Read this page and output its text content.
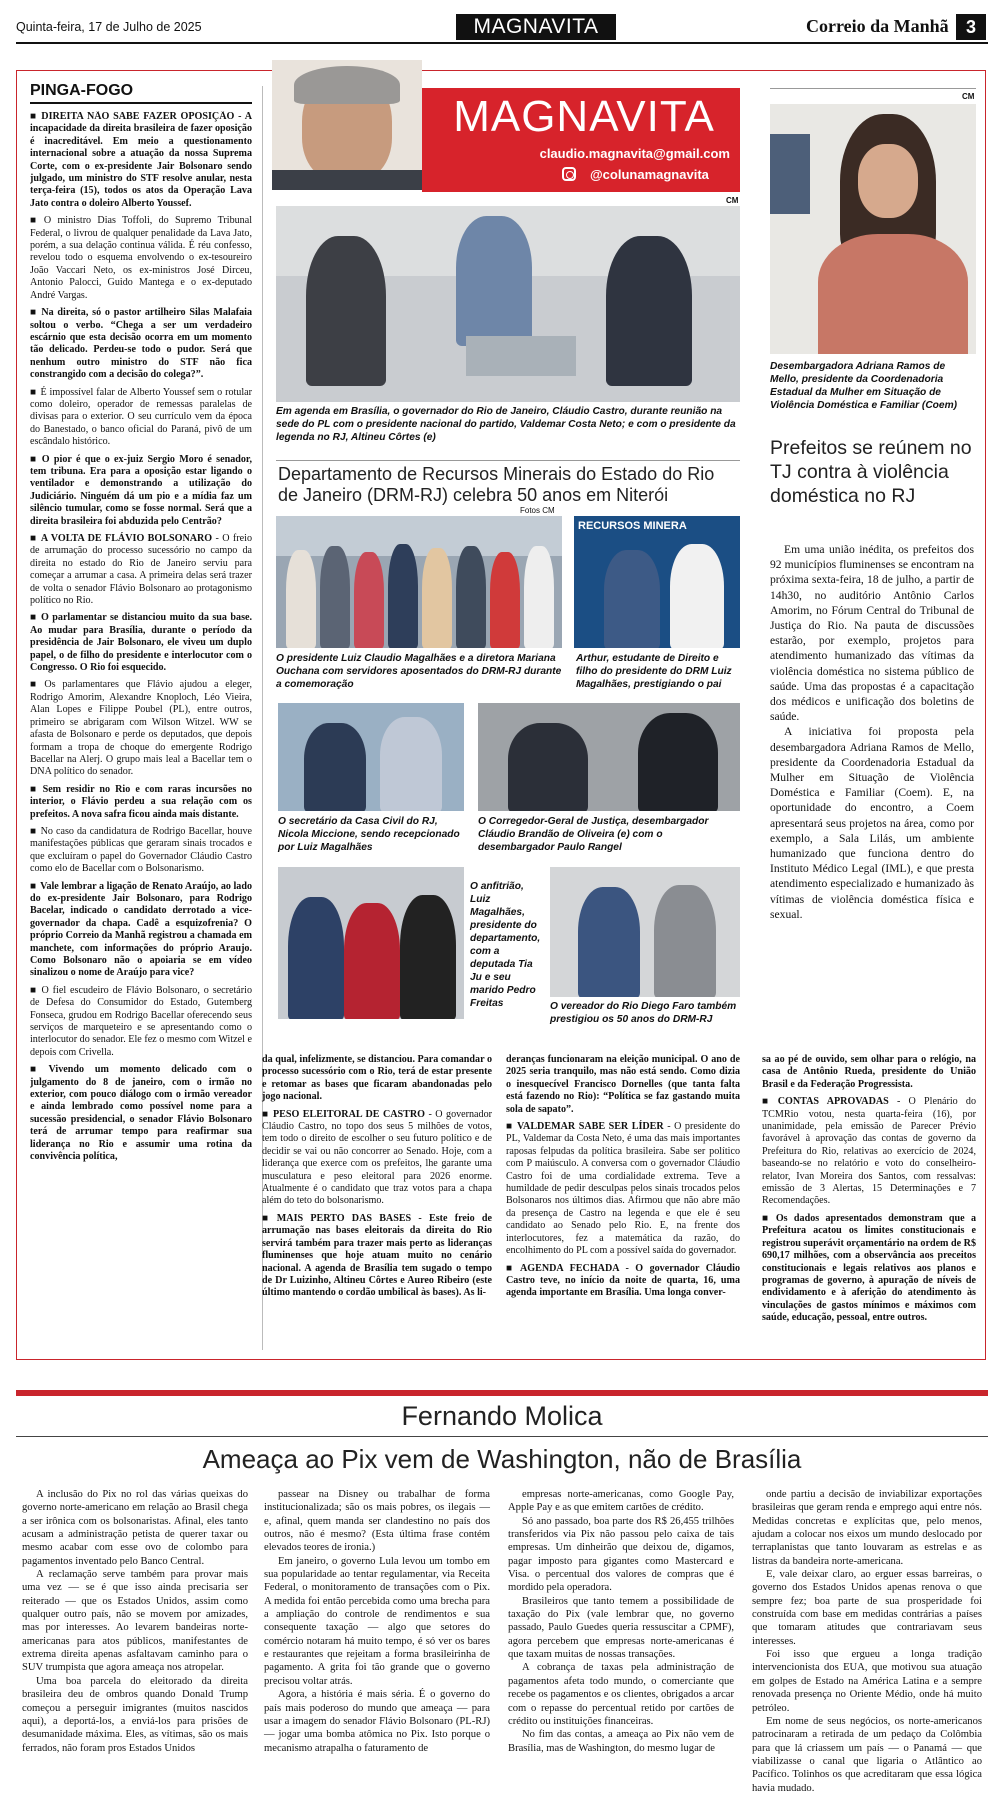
Quinta-feira, 17 de Julho de 2025	MAGNAVITA	Correio da Manhã 3
PINGA-FOGO

■ DIREITA NÃO SABE FAZER OPOSIÇÃO - A incapacidade da direita brasileira de fazer oposição é inacreditável. Em meio a questionamento internacional sobre a atuação da nossa Suprema Corte, com o ex-presidente Jair Bolsonaro sendo julgado, um ministro do STF resolve anular, nesta terça-feira (15), todos os atos da Operação Lava Jato contra o doleiro Alberto Youssef.

■ O ministro Dias Toffoli, do Supremo Tribunal Federal, o livrou de qualquer penalidade da Lava Jato, porém, a sua delação continua válida. É réu confesso, revelou todo o esquema envolvendo o ex-tesoureiro João Vaccari Neto, os ex-ministros José Dirceu, Antonio Palocci, Guido Mantega e o ex-deputado André Vargas.

■ Na direita, só o pastor artilheiro Silas Malafaia soltou o verbo. “Chega a ser um verdadeiro escárnio que esta decisão ocorra em um momento tão delicado. Perdeu-se todo o pudor. Será que nenhum outro ministro do STF não fica constrangido com a decisão do colega?”.

■ É impossível falar de Alberto Youssef sem o rotular como doleiro, operador de remessas paralelas de divisas para o exterior. O seu currículo vem da época do Banestado, o banco oficial do Paraná, pivô de um escândalo histórico.

■ O pior é que o ex-juiz Sergio Moro é senador, tem tribuna. Era para a oposição estar ligando o ventilador e demonstrando a utilização do Judiciário. Ninguém dá um pio e a mídia faz um silêncio tumular, como se fosse normal. Será que a direita brasileira foi abduzida pelo Centrão?

■ A VOLTA DE FLÁVIO BOLSONARO - O freio de arrumação do processo sucessório no campo da direita no estado do Rio de Janeiro serviu para começar a arrumar a casa. A primeira delas será trazer de volta o senador Flávio Bolsonaro ao protagonismo político no Rio.

■ O parlamentar se distanciou muito da sua base. Ao mudar para Brasília, durante o período da presidência de Jair Bolsonaro, ele viveu um duplo papel, o de filho do presidente e interlocutor com o Congresso. O Rio foi esquecido.

■ Os parlamentares que Flávio ajudou a eleger, Rodrigo Amorim, Alexandre Knoploch, Léo Vieira, Alan Lopes e Filippe Poubel (PL), entre outros, primeiro se abrigaram com Wilson Witzel. WW se afasta de Bolsonaro e perde os deputados, que depois formam a tropa de choque do emergente Rodrigo Bacellar na Alerj. O grupo mais leal a Bacellar tem o DNA político do senador.

■ Sem residir no Rio e com raras incursões no interior, o Flávio perdeu a sua relação com os prefeitos. A nova safra ficou ainda mais distante.

■ No caso da candidatura de Rodrigo Bacellar, houve manifestações públicas que geraram sinais trocados e que excluíram o papel do Governador Cláudio Castro como elo de Bacellar com o Bolsonarismo.

■ Vale lembrar a ligação de Renato Araújo, ao lado do ex-presidente Jair Bolsonaro, para Rodrigo Bacelar, indicado o candidato derrotado a vice-governador da chapa. Cadê a esquizofrenia? O próprio Correio da Manhã registrou a chamada em manchete, com informações do próprio Araujo. Como Bolsonaro não o apoiaria se em vídeo sinalizou o nome de Araújo para vice?

■ O fiel escudeiro de Flávio Bolsonaro, o secretário de Defesa do Consumidor do Estado, Gutemberg Fonseca, grudou em Rodrigo Bacellar oferecendo seus serviços de marqueteiro e se apresentando como o interlocutor do senador. Ele fez o mesmo com Witzel e depois com Crivella.

■ Vivendo um momento delicado com o julgamento do 8 de janeiro, com o irmão no exterior, com pouco diálogo com o irmão vereador e ainda lembrado como possível nome para a sucessão presidencial, o senador Flávio Bolsonaro terá de arrumar tempo para reafirmar sua liderança no Rio e assumir uma rotina da convivência política,

MAGNAVITA
claudio.magnavita@gmail.com
@colunamagnavita
CM
Em agenda em Brasília, o governador do Rio de Janeiro, Cláudio Castro, durante reunião na sede do PL com o presidente nacional do partido, Valdemar Costa Neto; e com o presidente da legenda no RJ, Altineu Côrtes (e)
Departamento de Recursos Minerais do Estado do Rio de Janeiro (DRM-RJ) celebra 50 anos em Niterói
Fotos CM
RECURSOS MINERA
O presidente Luiz Claudio Magalhães e a diretora Mariana Ouchana com servidores aposentados do DRM-RJ durante a comemoração
Arthur, estudante de Direito e filho do presidente do DRM Luiz Magalhães, prestigiando o pai
O secretário da Casa Civil do RJ, Nicola Miccione, sendo recepcionado por Luiz Magalhães
O Corregedor-Geral de Justiça, desembargador Cláudio Brandão de Oliveira (e) com o desembargador Paulo Rangel
O anfitrião, Luiz Magalhães, presidente do departamento, com a deputada Tia Ju e seu marido Pedro Freitas	O vereador do Rio Diego Faro também prestigiou os 50 anos do DRM-RJ
CM
Desembargadora Adriana Ramos de Mello, presidente da Coordenadoria Estadual da Mulher em Situação de Violência Doméstica e Familiar (Coem)
Prefeitos se reúnem no TJ contra à violência doméstica no RJ

Em uma união inédita, os prefeitos dos 92 municípios fluminenses se encontram na próxima sexta-feira, 18 de julho, a partir de 14h30, no auditório Antônio Carlos Amorim, no Fórum Central do Tribunal de Justiça do Rio. Na pauta de discussões estarão, por exemplo, projetos para atendimento humanizado das vítimas da violência doméstica no sistema público de saúde. Uma das propostas é a capacitação dos médicos e unificação dos boletins de saúde.

A iniciativa foi proposta pela desembargadora Adriana Ramos de Mello, presidente da Coordenadoria Estadual da Mulher em Situação de Violência Doméstica e Familiar (Coem). E, na oportunidade do encontro, a Coem apresentará seus projetos na área, como por exemplo, a Sala Lilás, um ambiente humanizado que funciona dentro do Instituto Médico Legal (IML), e que presta atendimento especializado e humanizado às vítimas de violência doméstica física e sexual.

da qual, infelizmente, se distanciou. Para comandar o processo sucessório com o Rio, terá de estar presente e retomar as bases que ficaram abandonadas pelo jogo nacional.

■ PESO ELEITORAL DE CASTRO - O governador Cláudio Castro, no topo dos seus 5 milhões de votos, tem todo o direito de escolher o seu futuro político e de decidir se vai ou não concorrer ao Senado. Hoje, com a liderança que exerce com os prefeitos, lhe garante uma musculatura e peso eleitoral para 2026 enorme. Atualmente é o candidato que traz votos para a chapa além do teto do bolsonarismo.

■ MAIS PERTO DAS BASES - Este freio de arrumação nas bases eleitorais da direita do Rio servirá também para trazer mais perto as lideranças fluminenses que hoje atuam muito no cenário nacional. A agenda de Brasília tem sugado o tempo de Dr Luizinho, Altineu Côrtes e Aureo Ribeiro (este último mantendo o cordão umbilical às bases). As li-

deranças funcionaram na eleição municipal. O ano de 2025 seria tranquilo, mas não está sendo. Como dizia o inesquecível Francisco Dornelles (que tanta falta está fazendo no Rio): “Política se faz gastando muita sola de sapato”.

■ VALDEMAR SABE SER LÍDER - O presidente do PL, Valdemar da Costa Neto, é uma das mais importantes raposas felpudas da política brasileira. Sabe ser político com P maiúsculo. A conversa com o governador Cláudio Castro foi de uma cordialidade extrema. Teve a humildade de pedir desculpas pelos sinais trocados pelos Bolsonaros nos últimos dias. Afirmou que não abre mão da presença de Castro na legenda e que ele é seu candidato ao Senado pelo Rio. E, na frente dos interlocutores, fez a matemática da razão, do encolhimento do PL com a possível saída do governador.

■ AGENDA FECHADA - O governador Cláudio Castro teve, no início da noite de quarta, 16, uma agenda importante em Brasília. Uma longa conver-

sa ao pé de ouvido, sem olhar para o relógio, na casa de Antônio Rueda, presidente do União Brasil e da Federação Progressista.

■ CONTAS APROVADAS - O Plenário do TCMRio votou, nesta quarta-feira (16), por unanimidade, pela emissão de Parecer Prévio favorável à aprovação das contas de governo da Prefeitura do Rio, relativas ao exercício de 2024, baseando-se no relatório e voto do conselheiro-relator, Ivan Moreira dos Santos, com ressalvas: emissão de 3 Alertas, 15 Determinações e 7 Recomendações.

■ Os dados apresentados demonstram que a Prefeitura acatou os limites constitucionais e registrou superávit orçamentário na ordem de R$ 690,17 milhões, com a observância aos preceitos constitucionais e legais relativos aos planos e programas de governo, à apuração de níveis de endividamento e à aferição do atendimento às vinculações de gastos mínimos e máximos com saúde, educação, pessoal, entre outros.

Fernando Molica
Ameaça ao Pix vem de Washington, não de Brasília

A inclusão do Pix no rol das várias queixas do governo norte-americano em relação ao Brasil chega a ser irônica com os bolsonaristas. Afinal, eles tanto acusam a administração petista de querer taxar ou mesmo acabar com esse ovo de colombo para pagamentos inventado pelo Banco Central.

A reclamação serve também para provar mais uma vez — se é que isso ainda precisaria ser reiterado — que os Estados Unidos, assim como qualquer outro país, não se movem por amizades, mas por interesses. Ao levarem bandeiras norte-americanas para atos públicos, manifestantes de extrema direita apenas asfaltavam caminho para o SUV trumpista que agora ameaça nos atropelar.

Uma boa parcela do eleitorado da direita brasileira deu de ombros quando Donald Trump começou a perseguir imigrantes (muitos nascidos aqui), a deportá-los, a enviá-los para prisões de desumanidade máxima. Eles, as vítimas, são os mais ferrados, não foram pros Estados Unidos

passear na Disney ou trabalhar de forma institucionalizada; são os mais pobres, os ilegais — e, afinal, quem manda ser clandestino no país dos outros, não é mesmo? (Esta última frase contém elevados teores de ironia.)

Em janeiro, o governo Lula levou um tombo em sua popularidade ao tentar regulamentar, via Receita Federal, o monitoramento de transações com o Pix. A medida foi então percebida como uma brecha para a ampliação do controle de rendimentos e sua consequente taxação — algo que setores do comércio notaram há muito tempo, é só ver os bares e restaurantes que rejeitam a forma brasileirinha de pagamento. A grita foi tão grande que o governo precisou voltar atrás.

Agora, a história é mais séria. É o governo do país mais poderoso do mundo que ameaça — para usar a imagem do senador Flávio Bolsonaro (PL-RJ) — jogar uma bomba atômica no Pix. Isto porque o mecanismo atrapalha o faturamento de

empresas norte-americanas, como Google Pay, Apple Pay e as que emitem cartões de crédito.

Só ano passado, boa parte dos R$ 26,455 trilhões transferidos via Pix não passou pelo caixa de tais empresas. Um dinheirão que deixou de, digamos, pagar imposto para gigantes como Mastercard e Visa. o percentual dos valores de compras que é mordido pela operadora.

Brasileiros que tanto temem a possibilidade de taxação do Pix (vale lembrar que, no governo passado, Paulo Guedes queria ressuscitar a CPMF), agora percebem que empresas norte-americanas é que taxam muitas de nossas transações.

A cobrança de taxas pela administração de pagamentos afeta todo mundo, o comerciante que recebe os pagamentos e os clientes, obrigados a arcar com o repasse do percentual retido por cartões de crédito ou instituições financeiras.

No fim das contas, a ameaça ao Pix não vem de Brasília, mas de Washington, do mesmo lugar de

onde partiu a decisão de inviabilizar exportações brasileiras que geram renda e emprego aqui entre nós. Medidas concretas e explícitas que, pelo menos, ajudam a colocar nos eixos um mundo deslocado por terraplanistas que tanto louvaram as estrelas e as listras da bandeira norte-americana.

E, vale deixar claro, ao erguer essas barreiras, o governo dos Estados Unidos apenas renova o que sempre fez; boa parte de sua prosperidade foi construída com base em medidas contrárias a países que tomaram atitudes que contrariavam seus interesses.

Foi isso que ergueu a longa tradição intervencionista dos EUA, que motivou sua atuação em golpes de Estado na América Latina e a sempre renovada presença no Oriente Médio, onde há muito petróleo.

Em nome de seus negócios, os norte-americanos patrocinaram a retirada de um pedaço da Colômbia para que lá criassem um país — o Panamá — que viabilizasse o canal que ligaria o Atlântico ao Pacífico. Tolinhos os que acreditaram que essa lógica havia mudado.
